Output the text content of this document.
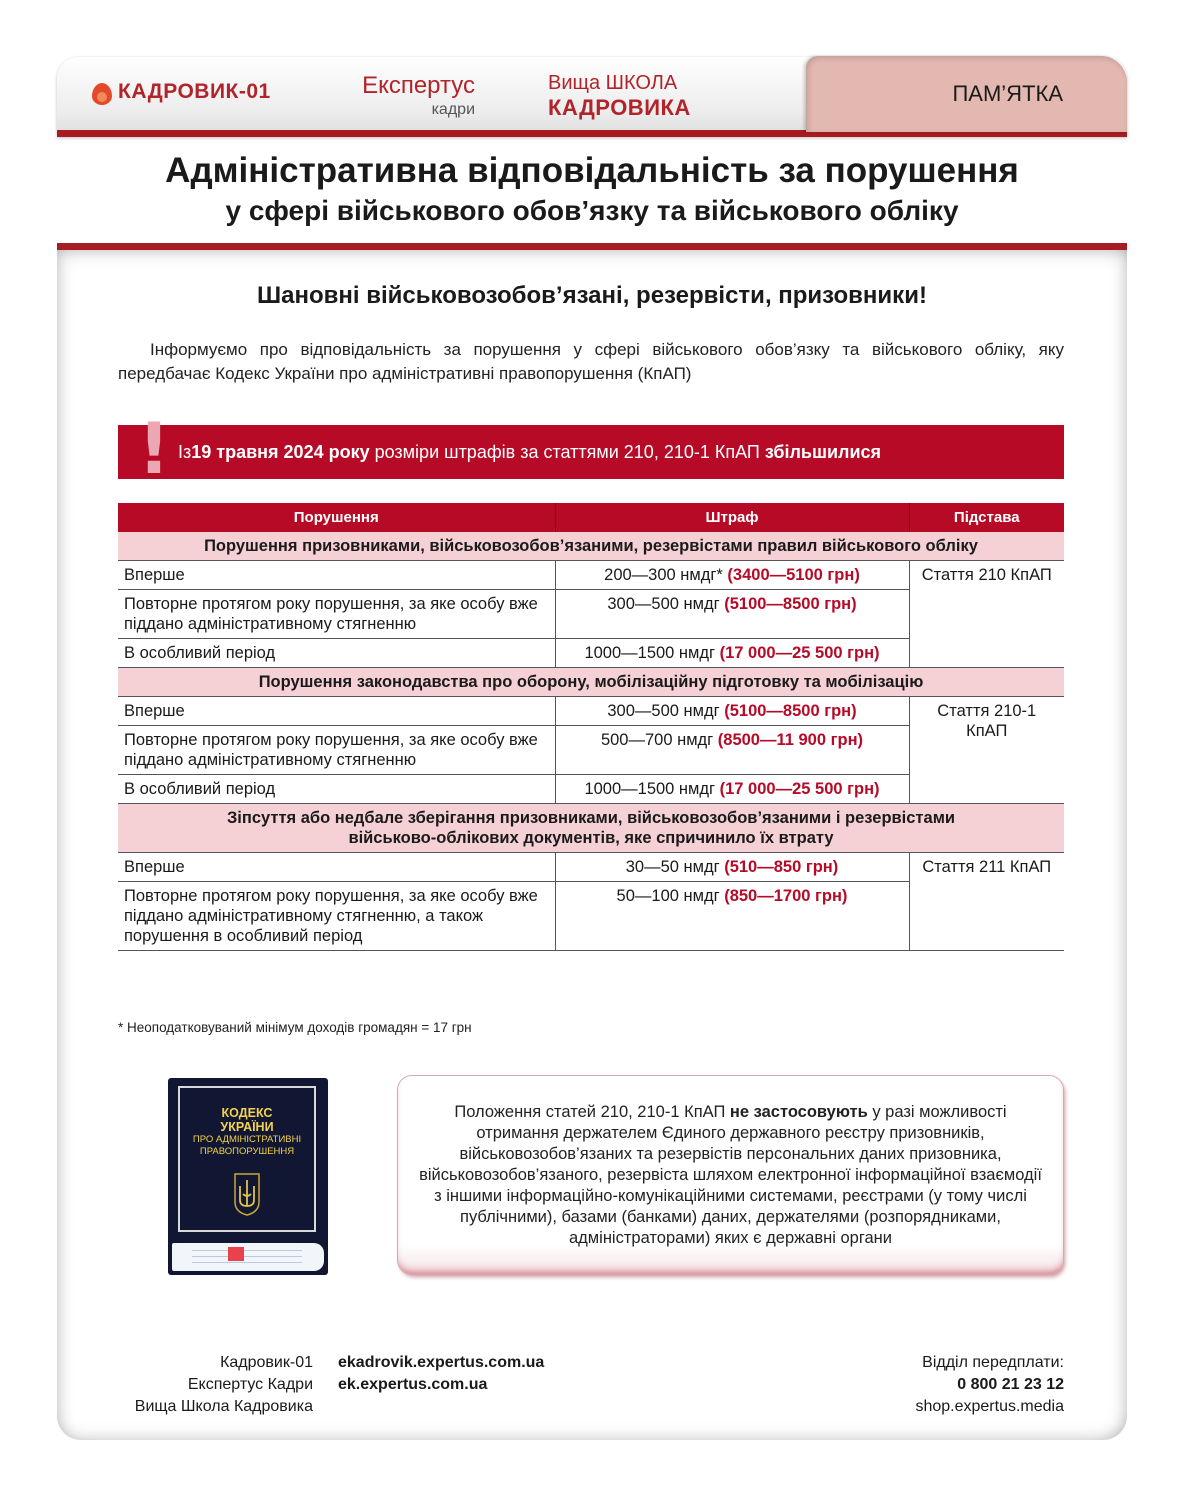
КАДРОВИК-01	Експертус
кадри
Вища ШКОЛА
КАДРОВИКА
ПАМ’ЯТКА
Адміністративна відповідальність за порушення
у сфері військового обов’язку та військового обліку
Шановні військовозобов’язані, резервісти, призовники!

Інформуємо про відповідальність за порушення у сфері військового обов’язку та військового обліку, яку передбачає Кодекс України про адміністративні правопорушення (КпАП)

Із 19 травня 2024 року розміри штрафів за статтями 210, 210-1 КпАП збільшилися
!
Порушення	Штраф	Підстава
Порушення призовниками, військовозобов’язаними, резервістами правил військового обліку		
Вперше	200—300 нмдг* (3400—5100 грн)	Стаття 210 КпАП
Повторне протягом року порушення, за яке особу вже піддано адміністративному стягненню	300—500 нмдг (5100—8500 грн)	
В особливий період	1000—1500 нмдг (17 000—25 500 грн)	
Порушення законодавства про оборону, мобілізаційну підготовку та мобілізацію		
Вперше	300—500 нмдг (5100—8500 грн)	Стаття 210-1 КпАП

Повторне протягом року порушення, за яке особу вже піддано адміністративному стягненню	500—700 нмдг (8500—11 900 грн)	
В особливий період	1000—1500 нмдг (17 000—25 500 грн)	

Зіпсуття або недбале зберігання призовниками, військовозобов’язаними і резервістами військово-облікових документів, яке спричинило їх втрату		

Вперше	30—50 нмдг (510—850 грн)	Стаття 211 КпАП
Повторне протягом року порушення, за яке особу вже піддано адміністративному стягненню, а також порушення в особливий період	50—100 нмдг (850—1700 грн)	
* Неоподатковуваний мінімум доходів громадян = 17 грн
КОДЕКС
УКРАЇНИ
ПРО АДМІНІСТРАТИВНІ
ПРАВОПОРУШЕННЯ

Положення статей 210, 210-1 КпАП не застосовують у разі можливості отримання держателем Єдиного державного реєстру призовників, військовозобов’язаних та резервістів персональних даних призовника, військовозобов’язаного, резервіста шляхом електронної інформаційної взаємодії з іншими інформаційно-комунікаційними системами, реєстрами (у тому числі публічними), базами (банками) даних, держателями (розпорядниками, адміністраторами) яких є державні органи

Кадровик-01
Експертус Кадри
Вища Школа Кадровика
ekadrovik.expertus.com.ua
ek.expertus.com.ua
Відділ передплати:
0 800 21 23 12
shop.expertus.media
